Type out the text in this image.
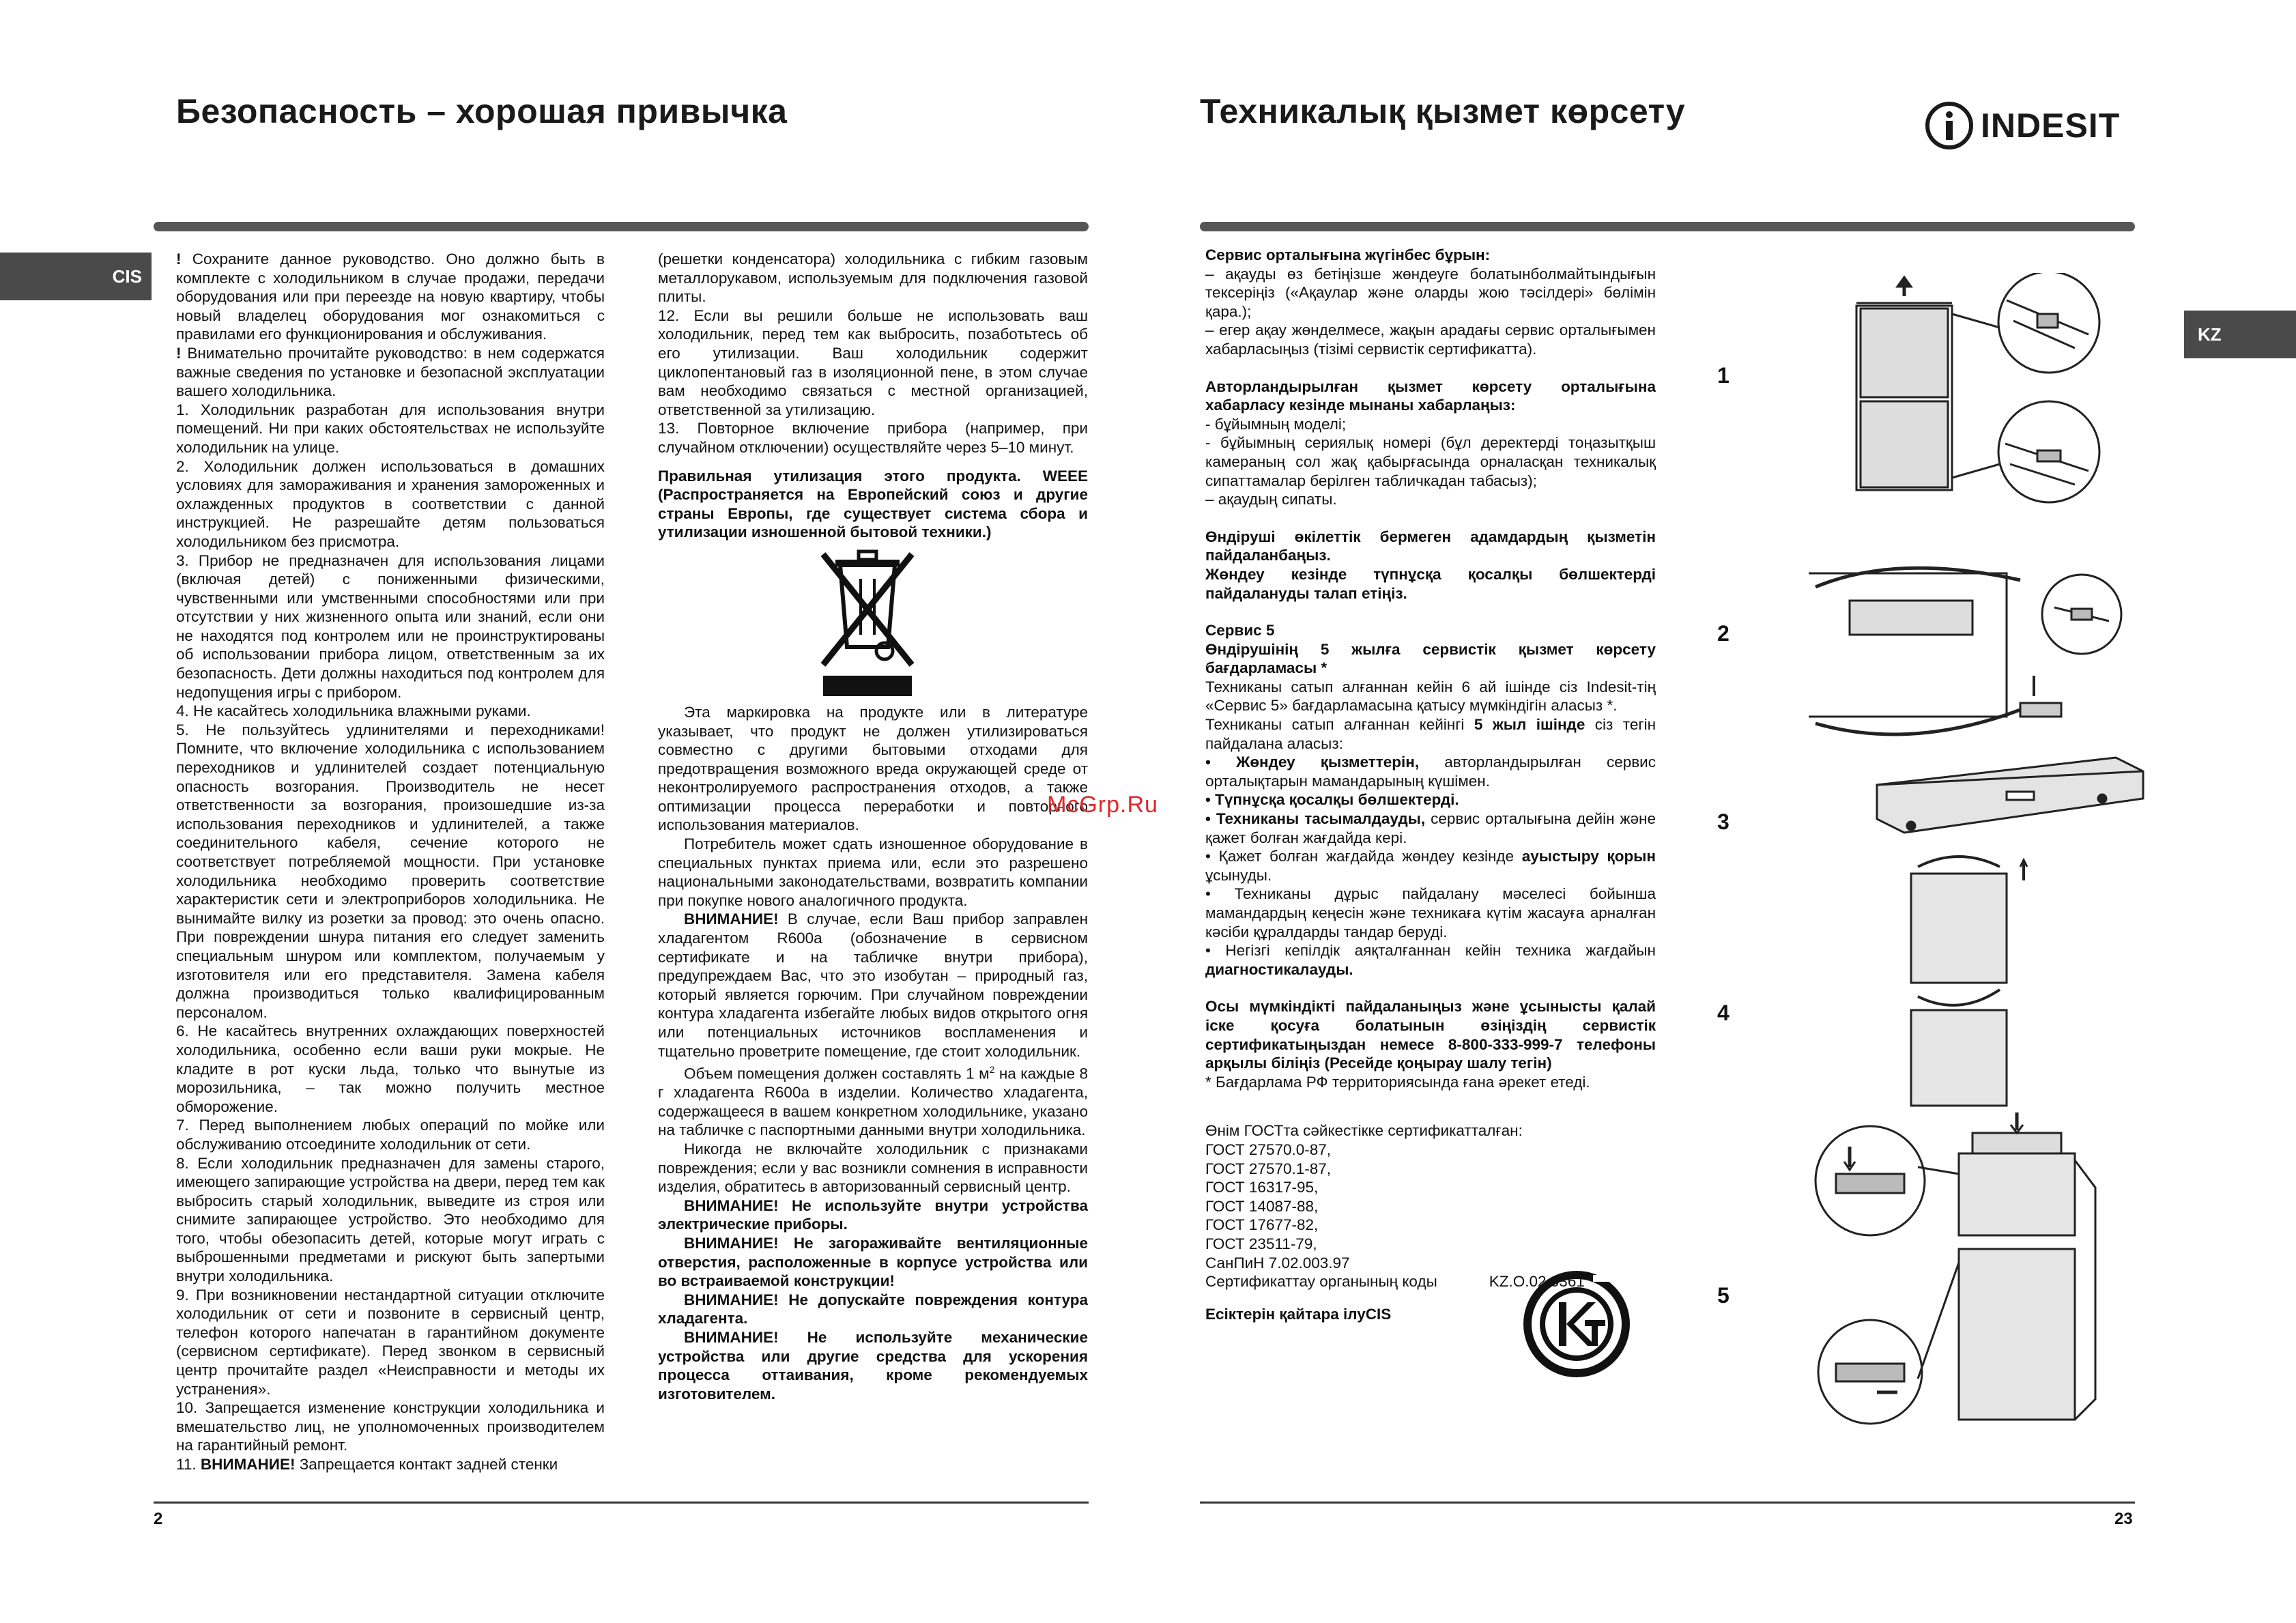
Безопасность – хорошая привычка	Техникалық қызмет көрсету	INDESIT
CIS
KZ

! Сохраните данное руководство. Оно должно быть в комплекте с холодильником в случае продажи, передачи оборудования или при переезде на новую квартиру, чтобы новый владелец оборудования мог ознакомиться с правилами его функционирования и обслуживания.

! Внимательно прочитайте руководство: в нем содержатся важные сведения по установке и безопасной эксплуатации вашего холодильника.

1. Холодильник разработан для использования внутри помещений. Ни при каких обстоятельствах не используйте холодильник на улице.

2. Холодильник должен использоваться в домашних условиях для замораживания и хранения замороженных и охлажденных продуктов в соответствии с данной инструкцией. Не разрешайте детям пользоваться холодильником без присмотра.

3. Прибор не предназначен для использования лицами (включая детей) с пониженными физическими, чувственными или умственными способностями или при отсутствии у них жизненного опыта или знаний, если они не находятся под контролем или не проинструктированы об использовании прибора лицом, ответственным за их безопасность. Дети должны находиться под контролем для недопущения игры с прибором.

4. Не касайтесь холодильника влажными руками.

5. Не пользуйтесь удлинителями и переходниками! Помните, что включение холодильника с использованием переходников и удлинителей создает потенциальную опасность возгорания. Производитель не несет ответственности за возгорания, произошедшие из-за использования переходников и удлинителей, а также соединительного кабеля, сечение которого не соответствует потребляемой мощности. При установке холодильника необходимо проверить соответствие характеристик сети и электроприборов холодильника. Не вынимайте вилку из розетки за провод: это очень опасно. При повреждении шнура питания его следует заменить специальным шнуром или комплектом, получаемым у изготовителя или его представителя. Замена кабеля должна производиться только квалифицированным персоналом.

6. Не касайтесь внутренних охлаждающих поверхностей холодильника, особенно если ваши руки мокрые. Не кладите в рот куски льда, только что вынутые из морозильника, – так можно получить местное обморожение.

7. Перед выполнением любых операций по мойке или обслуживанию отсоедините холодильник от сети.

8. Если холодильник предназначен для замены старого, имеющего запирающие устройства на двери, перед тем как выбросить старый холодильник, выведите из строя или снимите запирающее устройство. Это необходимо для того, чтобы обезопасить детей, которые могут играть с выброшенными предметами и рискуют быть запертыми внутри холодильника.

9. При возникновении нестандартной ситуации отключите холодильник от сети и позвоните в сервисный центр, телефон которого напечатан в гарантийном документе (сервисном сертификате). Перед звонком в сервисный центр прочитайте раздел «Неисправности и методы их устранения».

10. Запрещается изменение конструкции холодильника и вмешательство лиц, не уполномоченных производителем на гарантийный ремонт.

11. ВНИМАНИЕ! Запрещается контакт задней стенки

(решетки конденсатора) холодильника с гибким газовым металлорукавом, используемым для подключения газовой плиты.

12. Если вы решили больше не использовать ваш холодильник, перед тем как выбросить, позаботьтесь об его утилизации. Ваш холодильник содержит циклопентановый газ в изоляционной пене, в этом случае вам необходимо связаться с местной организацией, ответственной за утилизацию.

13. Повторное включение прибора (например, при случайном отключении) осуществляйте через 5–10 минут.

Правильная утилизация этого продукта. WEEE (Распространяется на Европейский союз и другие страны Европы, где существует система сбора и утилизации изношенной бытовой техники.)

Эта маркировка на продукте или в литературе указывает, что продукт не должен утилизироваться совместно с другими бытовыми отходами для предотвращения возможного вреда окружающей среде от неконтролируемого распространения отходов, а также оптимизации процесса переработки и повторного использования материалов.

Потребитель может сдать изношенное оборудование в специальных пунктах приема или, если это разрешено национальными законодательствами, возвратить компании при покупке нового аналогичного продукта.

ВНИМАНИЕ! В случае, если Ваш прибор заправлен хладагентом R600a (обозначение в сервисном сертификате и на табличке внутри прибора), предупреждаем Вас, что это изобутан – природный газ, который является горючим. При случайном повреждении контура хладагента избегайте любых видов открытого огня или потенциальных источников воспламенения и тщательно проветрите помещение, где стоит холодильник.

Объем помещения должен составлять 1 $м^2$ на каждые 8 г хладагента R600a в изделии. Количество хладагента, содержащееся в вашем конкретном холодильнике, указано на табличке с паспортными данными внутри холодильника.

Никогда не включайте холодильник с признаками повреждения; если у вас возникли сомнения в исправности изделия, обратитесь в авторизованный сервисный центр.

ВНИМАНИЕ! Не используйте внутри устройства электрические приборы.

ВНИМАНИЕ! Не загораживайте вентиляционные отверстия, расположенные в корпусе устройства или во встраиваемой конструкции!

ВНИМАНИЕ! Не допускайте повреждения контура хладагента.

ВНИМАНИЕ! Не используйте механические устройства или другие средства для ускорения процесса оттаивания, кроме рекомендуемых изготовителем.

Сервис орталығына жүгінбес бұрын:

– ақауды өз бетіңізше жөндеуге болатынболмайтындығын тексеріңіз («Ақаулар және оларды жою тәсілдері» бөлімін қара.);

– егер ақау жөнделмесе, жақын арадағы сервис орталығымен хабарласыңыз (тізімі сервистік сертификатта).

Авторландырылған қызмет көрсету орталығына хабарласу кезінде мынаны хабарлаңыз:

- бұйымның моделі;

- бұйымның сериялық номері (бұл деректерді тоңазытқыш камераның сол жақ қабырғасында орналасқан техникалық сипаттамалар берілген табличкадан табасыз);

– ақаудың сипаты.

Өндіруші өкілеттік бермеген адамдардың қызметін пайдаланбаңыз.
Жөндеу кезінде түпнұсқа қосалқы бөлшектерді пайдалануды талап етіңіз.

Сервис 5

Өндірушінің 5 жылға сервистік қызмет көрсету бағдарламасы *

Техниканы сатып алғаннан кейін 6 ай ішінде сіз Indesit-тің «Сервис 5» бағдарламасына қатысу мүмкіндігін аласыз *.

Техниканы сатып алғаннан кейінгі 5 жыл ішінде сіз тегін пайдалана аласыз:

• Жөндеу қызметтерін, авторландырылған сервис орталықтарын мамандарының күшімен.

• Түпнұсқа қосалқы бөлшектерді.

• Техниканы тасымалдауды, сервис орталығына дейін және қажет болған жағдайда кері.

• Қажет болған жағдайда жөндеу кезінде ауыстыру қорын ұсынуды.

• Техниканы дұрыс пайдалану мәселесі бойынша мамандардың кеңесін және техникаға күтім жасауға арналған кәсіби құралдарды тандар беруді.

• Негізгі кепілдік аяқталғаннан кейін техника жағдайын диагностикалауды.

Осы мүмкіндікті пайдаланыңыз және ұсынысты қалай іске қосуға болатынын өзіңіздің сервистік сертификатыңыздан немесе 8-800-333-999-7 телефоны арқылы біліңіз (Ресейде қоңырау шалу тегін)

* Бағдарлама РФ территориясында ғана әрекет етеді.

Өнім ГОСТта сәйкестікке сертификатталған:

ГОСТ 27570.0-87,

ГОСТ 27570.1-87,

ГОСТ 16317-95,

ГОСТ 14087-88,

ГОСТ 17677-82,

ГОСТ 23511-79,

СанПиН 7.02.003.97

Сертификаттау органының коды	KZ.O.02.0361

Есіктерін қайтара ілуCIS

McGrp.Ru
1
2
3
4
5
2	23
